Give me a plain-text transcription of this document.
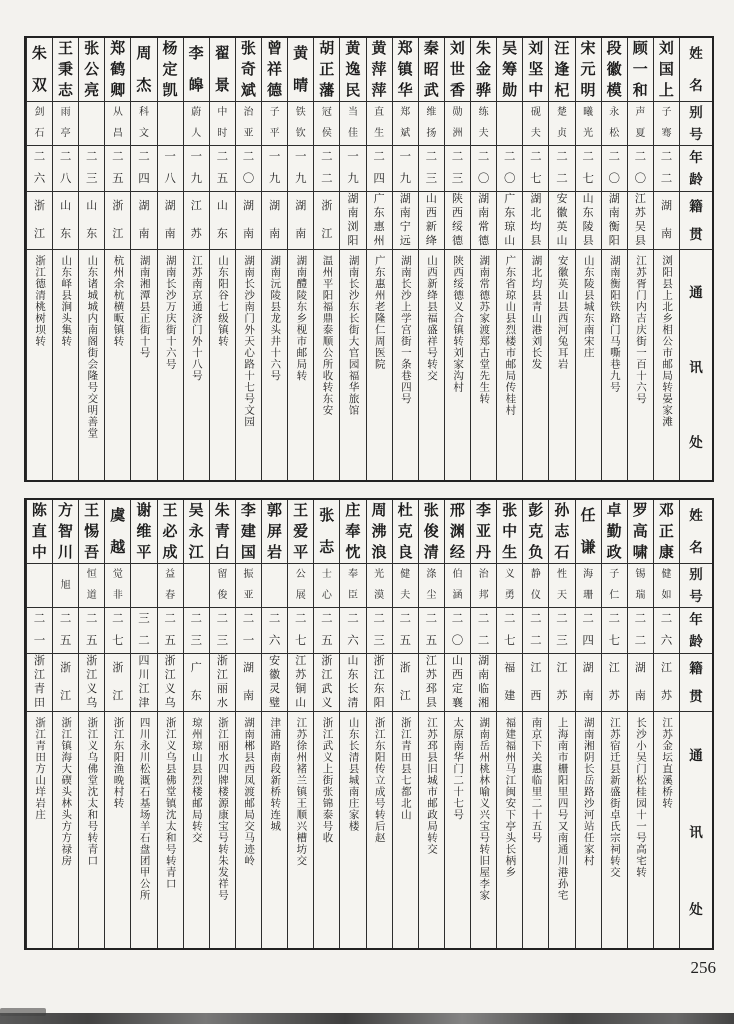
姓
名
别
号
年
龄
籍
贯
通
讯
处
刘
国
上
子
骞
二
二
湖
南
浏阳县上北乡相公市邮局转晏家滩
顾
一
和
声
夏
二
〇
江
苏
吴
县
江苏胥门内吉庆街一百十六号
段
徽
模
永
松
二
〇
湖
南
衡
阳
湖南衡阳铁路门马嘶巷九号
宋
元
明
曦
光
二
七
山
东
陵
县
山东陵县城东南宋庄
汪
逢
杞
楚
贞
二
二
安
徽
英
山
安徽英山县西河兔耳岩
刘
坚
中
砚
夫
二
七
湖
北
均
县
湖北均县青山港刘长发
吴
筹
勋
二
〇
广
东
琼
山
广东省琼山县烈楼市邮局传桂村
朱
金
骅
练
夫
二
〇
湖
南
常
德
湖南常德苏家渡郑古堂先生转
刘
世
香
勋
洲
二
三
陕
西
绥
德
陕西绥德义合镇转刘家沟村
秦
昭
武
维
扬
二
三
山
西
新
绛
山西新绛县福盛祥号转交
郑
镇
华
郑
斌
一
九
湖
南
宁
远
湖南长沙上学宫街一条巷四号
黄
萍
萍
直
生
二
四
广
东
惠
州
广东惠州老隆仁周医院
黄
逸
民
当
佳
一
九
湖
南
浏
阳
湖南长沙东长街大官园福华旅馆
胡
正
藩
冠
侯
二
二
浙
江
温州平阳福鼎泰顺公所收转东安
黄
晴
铁
钦
一
九
湖
南
湖南醴陵东乡枧市邮局转
曾
祥
德
子
平
一
九
湖
南
湖南沅陵县龙头井十六号
张
奇
斌
治
亚
二
〇
湖
南
湖南长沙南门外天心路十七号文园
翟
景
中
时
二
五
山
东
山东阳谷七级镇转
李
皞
蔚
人
一
九
江
苏
江苏南京通济门外十八号
杨
定
凯
一
八
湖
南
湖南长沙万庆街十六号
周
杰
科
文
二
四
湖
南
湖南湘潭县正街十号
郑
鹤
卿
从
昌
二
五
浙
江
杭州余杭横畈镇转
张
公
亮
二
三
山
东
山东诸城城内南阁街会隆号交明善堂
王
秉
志
雨
亭
二
八
山
东
山东峄县涧头集转
朱
双
剑
石
二
六
浙
江
浙江德清桃树坝转
姓
名
别
号
年
龄
籍
贯
通
讯
处
邓
正
康
健
如
二
六
江
苏
江苏金坛直溪桥转
罗
高
啸
锡
瑞
二
二
湖
南
长沙小吴门松桂园十一号高宅转
卓
勤
政
子
仁
二
七
江
苏
江苏宿迁县新盛街卓氏宗祠转交
任
谦
海
珊
二
四
湖
南
湖南湘阴长岳路沙河站任家村
孙
志
石
性
天
二
三
江
苏
上海南市栅阳里四号又南通川港孙宅
彭
克
负
静
仪
二
二
江
西
南京下关惠临里二十五号
张
中
生
义
勇
二
七
福
建
福建福州马江闽安下亭头长柄乡
李
亚
丹
治
邦
二
二
湖
南
临
湘
湖南岳州桃林喻义兴宝号转旧屋李家
邢
渊
经
伯
涵
二
〇
山
西
定
襄
太原南华门二十七号
张
俊
清
涤
尘
二
五
江
苏
邳
县
江苏邳县旧城市邮政局转交
杜
克
良
健
夫
二
五
浙
江
浙江青田县七都北山
周
沸
浪
光
漠
二
三
浙
江
东
阳
浙江东阳传立成号转后赵
庄
奉
忱
奉
臣
二
六
山
东
长
清
山东长清县城南庄家楼
张
志
士
心
二
五
浙
江
武
义
浙江武义上街张锦泰号收
王
爱
平
公
展
二
七
江
苏
铜
山
江苏徐州褚兰镇王顺兴槽坊交
郭
屏
岩
二
六
安
徽
灵
璧
津浦路南段新桥转连城
李
建
国
振
亚
二
一
湖
南
湖南郴县西凤渡邮局交马迹岭
朱
青
白
留
俊
二
三
浙
江
丽
水
浙江丽水四牌楼源康宝号转朱发祥号
吴
永
江
二
三
广
东
琼州琼山县烈楼邮局转交
王
必
成
益
春
二
五
浙
江
义
乌
浙江义乌县佛堂镇沈太和号转青口
谢
维
平
三
二
四
川
江
津
四川永川松溉石基场羊石盘团甲公所
虞
越
觉
非
二
七
浙
江
浙江东阳渔晚村转
王
惕
吾
恒
道
二
五
浙
江
义
乌
浙江义乌佛堂沈太和号转青口
方
智
川
旭
二
五
浙
江
浙江镇海大碶头林头方方禄房
陈
直
中
二
一
浙
江
青
田
浙江青田方山垟岩庄
256
